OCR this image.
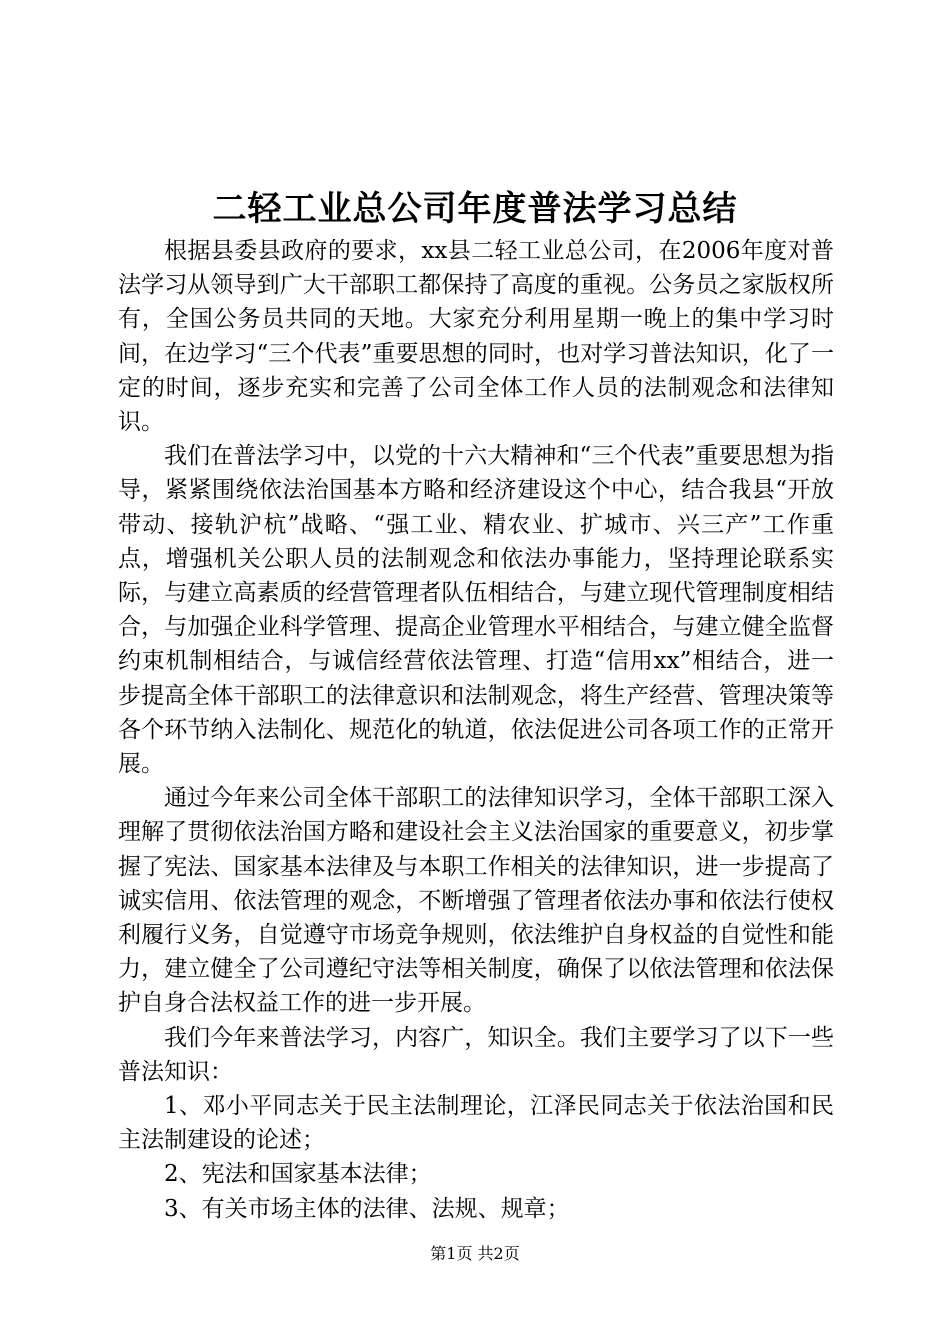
二轻工业总公司年度普法学习总结

根据县委县政府的要求，xx县二轻工业总公司，在2006年度对普法学习从领导到广大干部职工都保持了高度的重视。公务员之家版权所有，全国公务员共同的天地。大家充分利用星期一晚上的集中学习时间，在边学习“三个代表”重要思想的同时，也对学习普法知识，化了一定的时间，逐步充实和完善了公司全体工作人员的法制观念和法律知识。

我们在普法学习中，以党的十六大精神和“三个代表”重要思想为指导，紧紧围绕依法治国基本方略和经济建设这个中心，结合我县“开放带动、接轨沪杭”战略、“强工业、精农业、扩城市、兴三产”工作重点，增强机关公职人员的法制观念和依法办事能力，坚持理论联系实际，与建立高素质的经营管理者队伍相结合，与建立现代管理制度相结合，与加强企业科学管理、提高企业管理水平相结合，与建立健全监督约束机制相结合，与诚信经营依法管理、打造“信用xx”相结合，进一步提高全体干部职工的法律意识和法制观念，将生产经营、管理决策等各个环节纳入法制化、规范化的轨道，依法促进公司各项工作的正常开展。

通过今年来公司全体干部职工的法律知识学习，全体干部职工深入理解了贯彻依法治国方略和建设社会主义法治国家的重要意义，初步掌握了宪法、国家基本法律及与本职工作相关的法律知识，进一步提高了诚实信用、依法管理的观念，不断增强了管理者依法办事和依法行使权利履行义务，自觉遵守市场竞争规则，依法维护自身权益的自觉性和能力，建立健全了公司遵纪守法等相关制度，确保了以依法管理和依法保护自身合法权益工作的进一步开展。

我们今年来普法学习，内容广，知识全。我们主要学习了以下一些普法知识：

1、邓小平同志关于民主法制理论，江泽民同志关于依法治国和民主法制建设的论述；

2、宪法和国家基本法律；

3、有关市场主体的法律、法规、规章；

第1页 共2页
